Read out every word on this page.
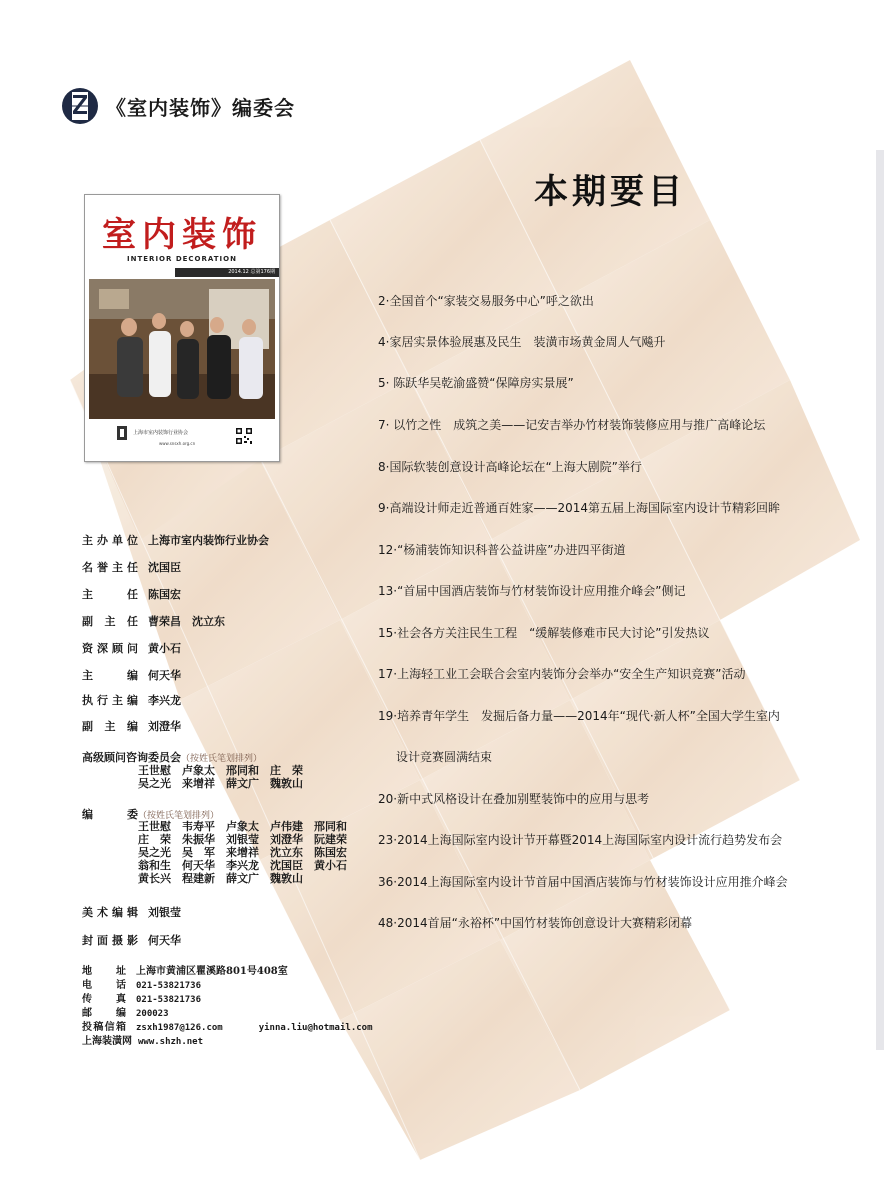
《室内装饰》编委会
本期要目
室内装饰
INTERIOR DECORATION
2014.12 总第176期
上海市室内装饰行业协会
www.snsxh.org.cn
主办单位 上海市室内装饰行业协会
名誉主任 沈国臣
主　任 陈国宏
副主任 曹荣昌　沈立东
资深顾问 黄小石
主　编 何天华
执行主编 李兴龙
副主编 刘澄华
高级顾问咨询委员会（按姓氏笔划排列）
王世慰 卢象太 邢同和 庄　荣
吴之光 来增祥 薛文广 魏敦山
编　委（按姓氏笔划排列）
王世慰 韦寿平 卢象太 卢伟建 邢同和
庄　荣 朱振华 刘银莹 刘澄华 阮建荣
吴之光 吴　军 来增祥 沈立东 陈国宏
翁和生 何天华 李兴龙 沈国臣 黄小石
黄长兴 程建新 薛文广 魏敦山
美术编辑 刘银莹
封面摄影 何天华
地　址 上海市黄浦区瞿溪路801号408室
电　话 021-53821736
传　真 021-53821736
邮　编 200023
投稿信箱 zsxh1987@126.com	yinna.liu@hotmail.com
上海装潢网 www.shzh.net
2·全国首个“家装交易服务中心”呼之欲出
4·家居实景体验展惠及民生　装潢市场黄金周人气飚升
5· 陈跃华吴乾渝盛赞“保障房实景展”
7· 以竹之性　成筑之美——记安吉举办竹材装饰装修应用与推广高峰论坛
8·国际软装创意设计高峰论坛在“上海大剧院”举行
9·高端设计师走近普通百姓家——2014第五届上海国际室内设计节精彩回眸
12·“杨浦装饰知识科普公益讲座”办进四平街道
13·“首届中国酒店装饰与竹材装饰设计应用推介峰会”侧记
15·社会各方关注民生工程　“缓解装修难市民大讨论”引发热议
17·上海轻工业工会联合会室内装饰分会举办“安全生产知识竞赛”活动
19·培养青年学生　发掘后备力量——2014年“现代·新人杯”全国大学生室内
设计竞赛圆满结束
20·新中式风格设计在叠加别墅装饰中的应用与思考
23·2014上海国际室内设计节开幕暨2014上海国际室内设计流行趋势发布会
36·2014上海国际室内设计节首届中国酒店装饰与竹材装饰设计应用推介峰会
48·2014首届“永裕杯”中国竹材装饰创意设计大赛精彩闭幕
